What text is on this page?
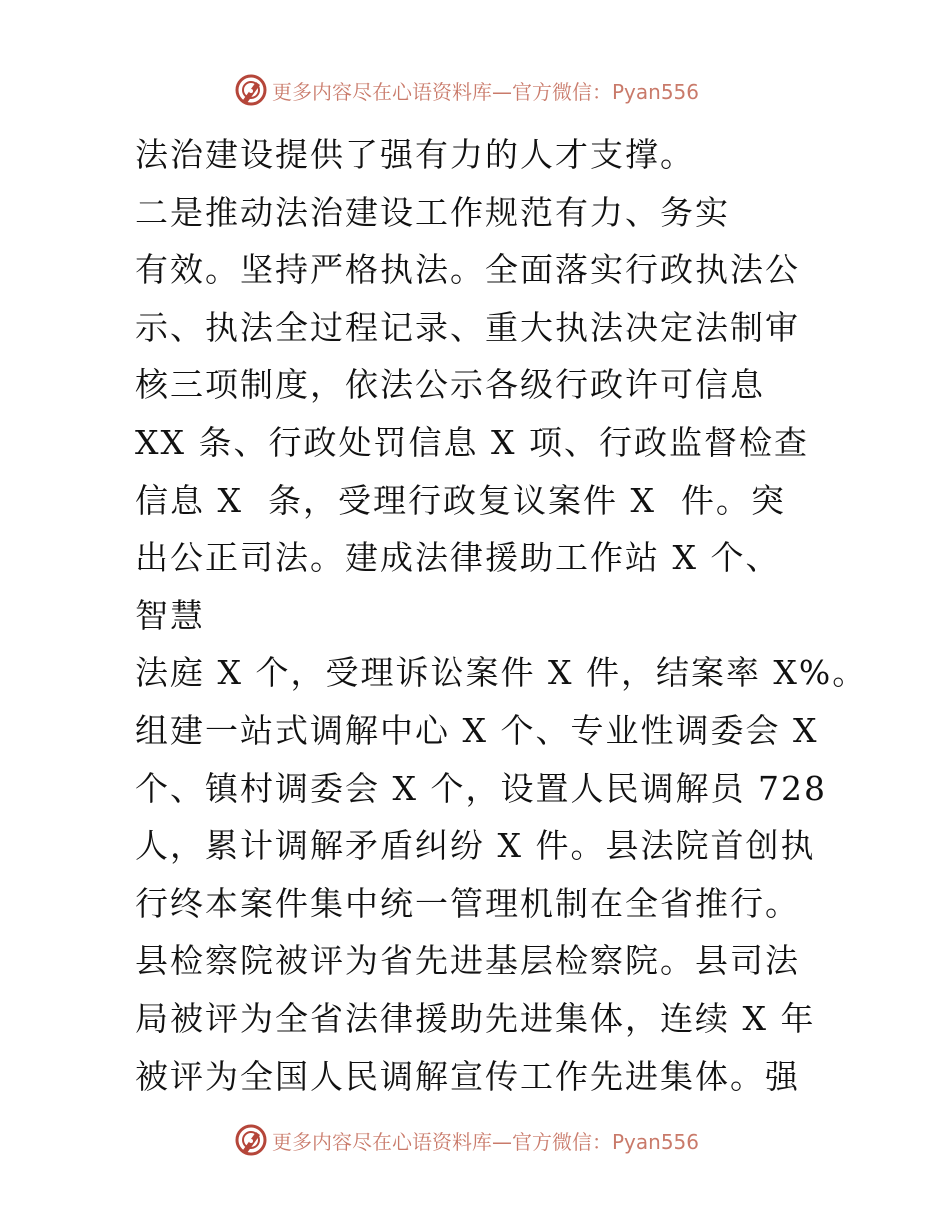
更多内容尽在心语资料库—官方微信：Pyan556
法治建设提供了强有力的人才支撑。
二是推动法治建设工作规范有力、务实
有效。坚持严格执法。全面落实行政执法公
示、执法全过程记录、重大执法决定法制审
核三项制度，依法公示各级行政许可信息
XX 条、行政处罚信息 X 项、行政监督检查
信息 X  条，受理行政复议案件 X  件。突
出公正司法。建成法律援助工作站 X 个、
智慧
法庭 X 个，受理诉讼案件 X 件，结案率 X%。
组建一站式调解中心 X 个、专业性调委会 X
个、镇村调委会 X 个，设置人民调解员 728
人，累计调解矛盾纠纷 X 件。县法院首创执
行终本案件集中统一管理机制在全省推行。
县检察院被评为省先进基层检察院。县司法
局被评为全省法律援助先进集体，连续 X 年
被评为全国人民调解宣传工作先进集体。强
更多内容尽在心语资料库—官方微信：Pyan556
